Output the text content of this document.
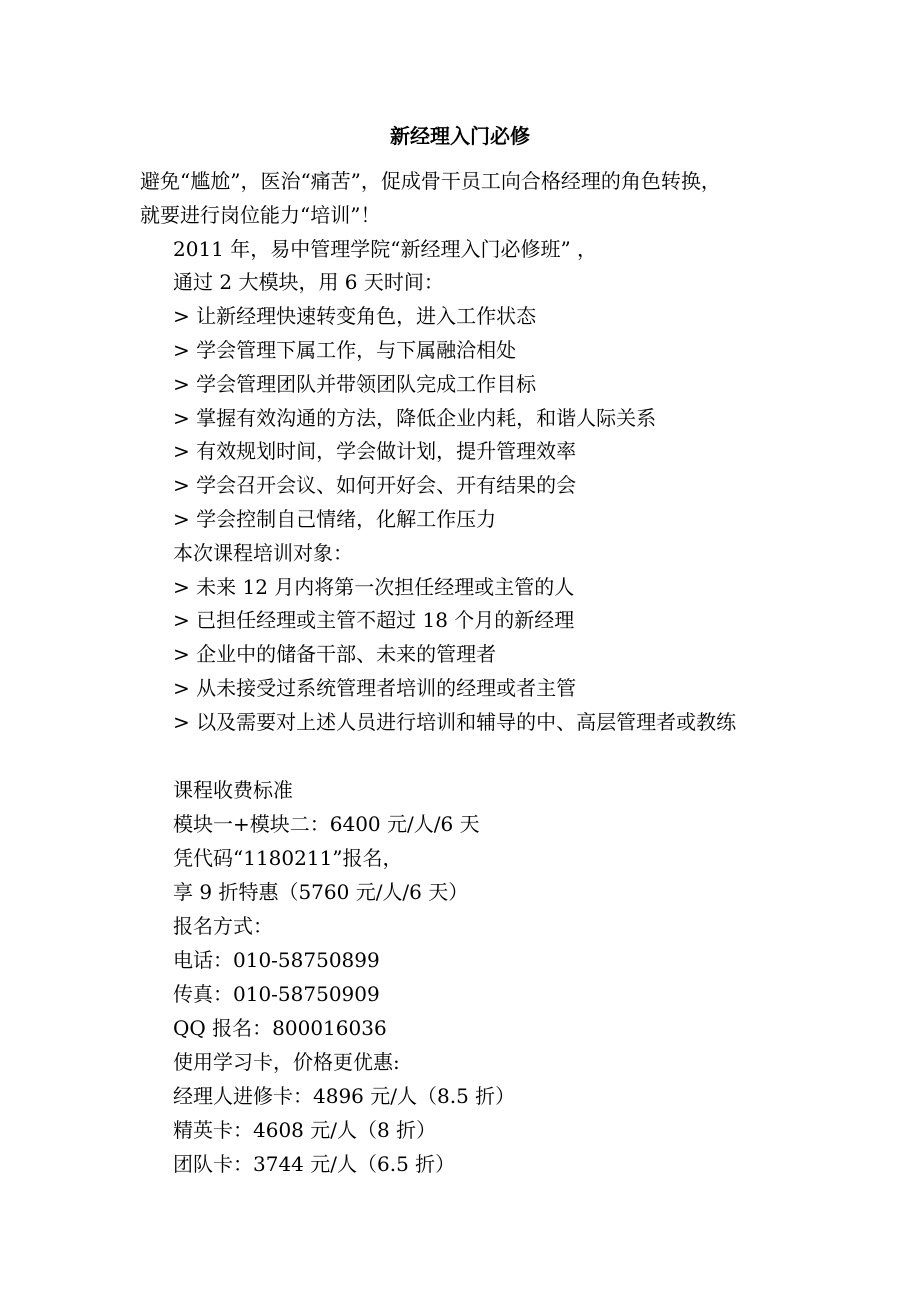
新经理入门必修
避免“尴尬”，医治“痛苦”，促成骨干员工向合格经理的角色转换，
就要进行岗位能力“培训”！
2011 年，易中管理学院“新经理入门必修班” ，
通过 2 大模块，用 6 天时间：
> 让新经理快速转变角色，进入工作状态
> 学会管理下属工作，与下属融洽相处
> 学会管理团队并带领团队完成工作目标
> 掌握有效沟通的方法，降低企业内耗，和谐人际关系
> 有效规划时间，学会做计划，提升管理效率
> 学会召开会议、如何开好会、开有结果的会
> 学会控制自己情绪，化解工作压力
本次课程培训对象：
> 未来 12 月内将第一次担任经理或主管的人
> 已担任经理或主管不超过 18 个月的新经理
> 企业中的储备干部、未来的管理者
> 从未接受过系统管理者培训的经理或者主管
> 以及需要对上述人员进行培训和辅导的中、高层管理者或教练
课程收费标准
模块一+模块二：6400 元/人/6 天
凭代码“1180211”报名，
享 9 折特惠（5760 元/人/6 天）
报名方式：
电话：010-58750899
传真：010-58750909
QQ 报名：800016036
使用学习卡，价格更优惠:
经理人进修卡：4896 元/人（8.5 折）
精英卡：4608 元/人（8 折）
团队卡：3744 元/人（6.5 折）
